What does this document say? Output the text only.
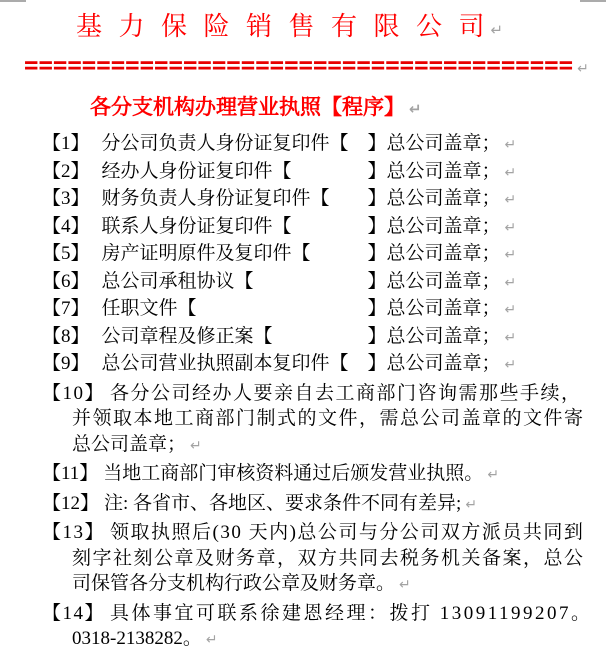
基 力 保 险 销 售 有 限 公 司 ↵
====================================== ↵
各分支机构办理营业执照【程序】 ↵
【1】 分公司负责人身份证复印件【　】总公司盖章； ↵
【2】 经办人身份证复印件【　　　　】总公司盖章； ↵
【3】 财务负责人身份证复印件【　　】总公司盖章； ↵
【4】 联系人身份证复印件【　　　　】总公司盖章； ↵
【5】 房产证明原件及复印件【　　　】总公司盖章； ↵
【6】 总公司承租协议【　　　　　　】总公司盖章； ↵
【7】 任职文件【　　　　　　　　　】总公司盖章； ↵
【8】 公司章程及修正案【　　　　　】总公司盖章； ↵
【9】 总公司营业执照副本复印件【　】总公司盖章； ↵
【10】 各分公司经办人要亲自去工商部门咨询需那些手续，
并领取本地工商部门制式的文件，需总公司盖章的文件寄
总公司盖章； ↵
【11】 当地工商部门审核资料通过后颁发营业执照。 ↵
【12】 注: 各省市、各地区、要求条件不同有差异; ↵
【13】 领取执照后(30 天内)总公司与分公司双方派员共同到
刻字社刻公章及财务章，双方共同去税务机关备案，总公
司保管各分支机构行政公章及财务章。 ↵
【14】 具体事宜可联系徐建恩经理：拨打 13091199207。
0318-2138282。 ↵
